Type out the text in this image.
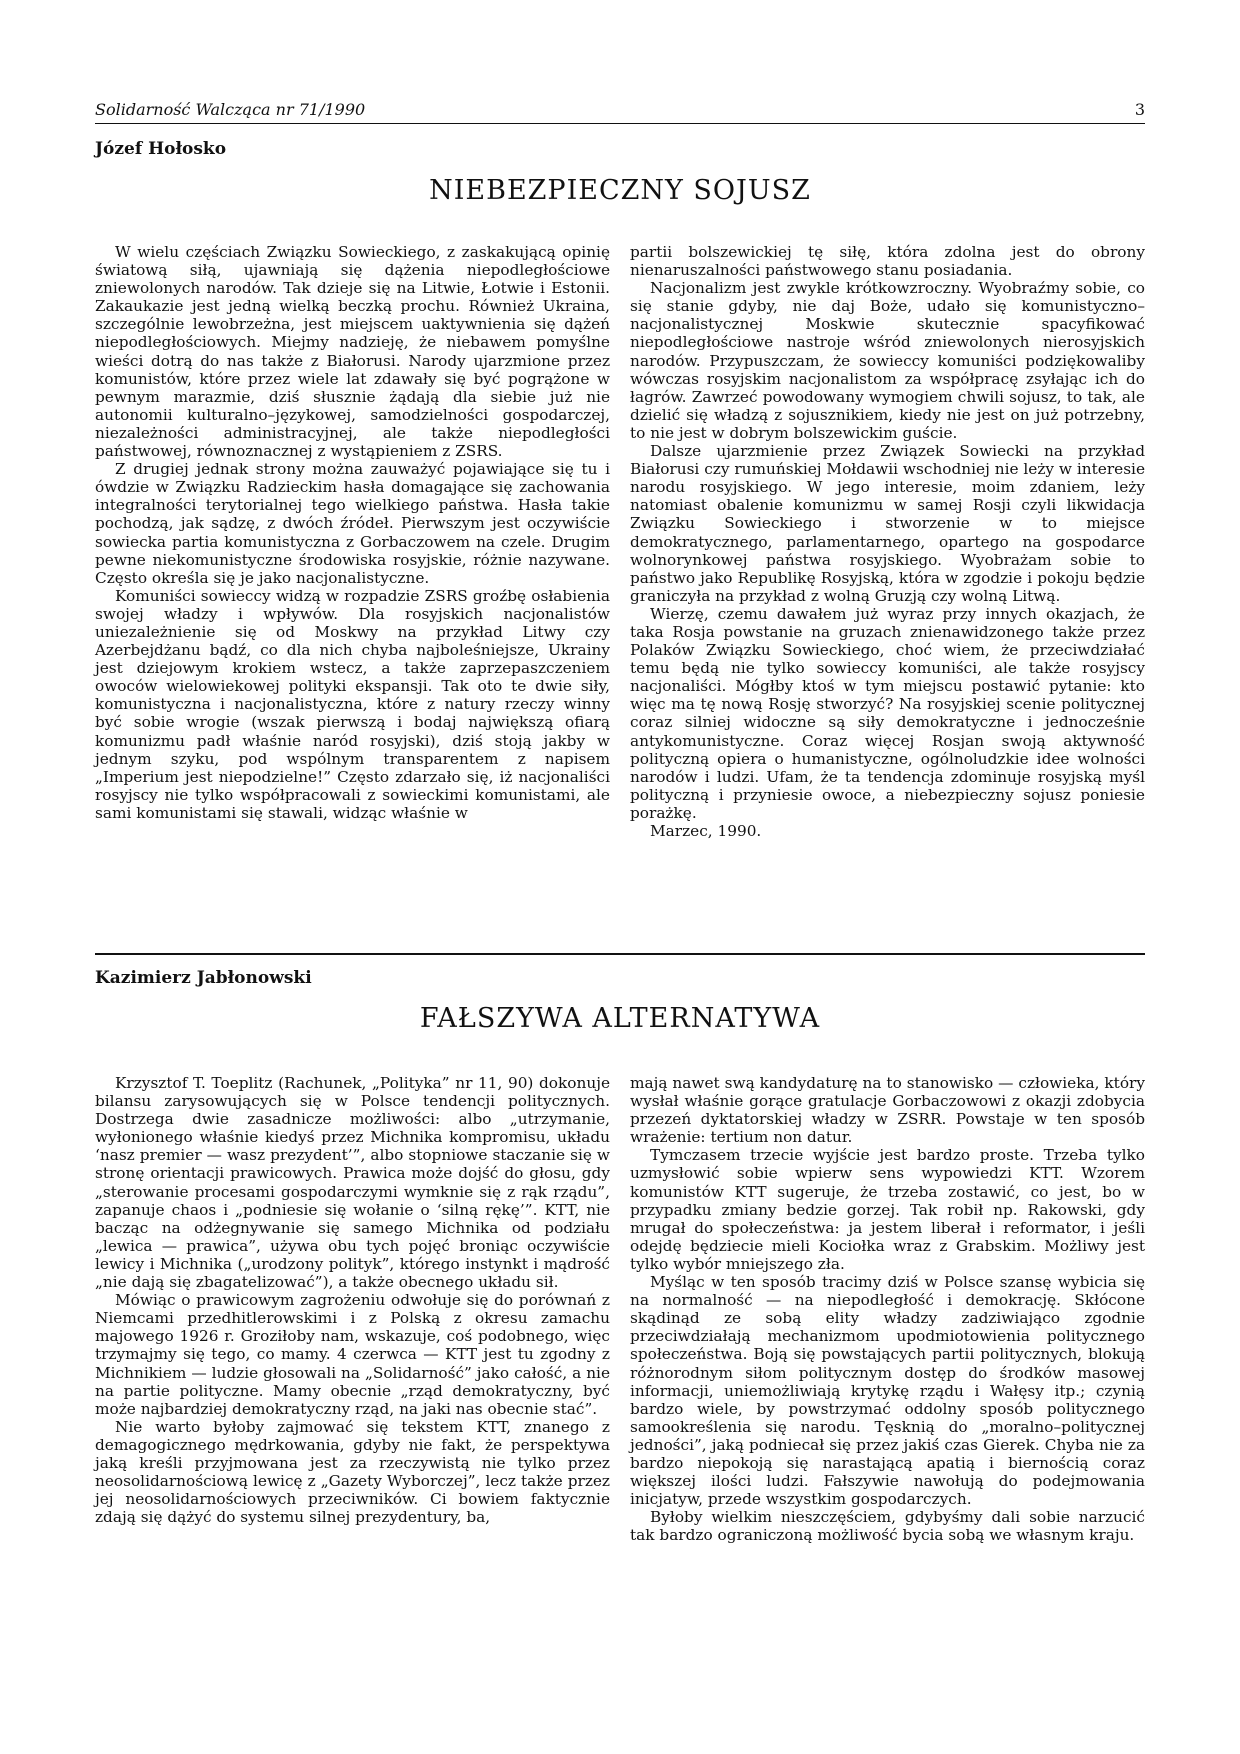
Solidarność Walcząca nr 71/1990	3
Józef Hołosko
NIEBEZPIECZNY SOJUSZ

W wielu częściach Związku Sowieckiego, z zaskakującą opinię światową siłą, ujawniają się dążenia niepodległościowe zniewolonych narodów. Tak dzieje się na Litwie, Łotwie i Estonii. Zakaukazie jest jedną wielką beczką prochu. Również Ukraina, szczególnie lewobrzeżna, jest miejscem uaktywnienia się dążeń niepodległościowych. Miejmy nadzieję, że niebawem pomyślne wieści dotrą do nas także z Białorusi. Narody ujarzmione przez komunistów, które przez wiele lat zdawały się być pogrążone w pewnym marazmie, dziś słusznie żądają dla siebie już nie autonomii kulturalno–językowej, samodzielności gospodarczej, niezależności administracyjnej, ale także niepodległości państwowej, równoznacznej z wystąpieniem z ZSRS.

Z drugiej jednak strony można zauważyć pojawiające się tu i ówdzie w Związku Radzieckim hasła domagające się zachowania integralności terytorialnej tego wielkiego państwa. Hasła takie pochodzą, jak sądzę, z dwóch źródeł. Pierwszym jest oczywiście sowiecka partia komunistyczna z Gorbaczowem na czele. Drugim pewne niekomunistyczne środowiska rosyjskie, różnie nazywane. Często określa się je jako nacjonalistyczne.

Komuniści sowieccy widzą w rozpadzie ZSRS groźbę osłabienia swojej władzy i wpływów. Dla rosyjskich nacjonalistów uniezależnienie się od Moskwy na przykład Litwy czy Azerbejdżanu bądź, co dla nich chyba najboleśniejsze, Ukrainy jest dziejowym krokiem wstecz, a także zaprzepaszczeniem owoców wielowiekowej polityki ekspansji. Tak oto te dwie siły, komunistyczna i nacjonalistyczna, które z natury rzeczy winny być sobie wrogie (wszak pierwszą i bodaj największą ofiarą komunizmu padł właśnie naród rosyjski), dziś stoją jakby w jednym szyku, pod wspólnym transparentem z napisem „Imperium jest niepodzielne!” Często zdarzało się, iż nacjonaliści rosyjscy nie tylko współpracowali z sowieckimi komunistami, ale sami komunistami się stawali, widząc właśnie w

partii bolszewickiej tę siłę, która zdolna jest do obrony nienaruszalności państwowego stanu posiadania.

Nacjonalizm jest zwykle krótkowzroczny. Wyobraźmy sobie, co się stanie gdyby, nie daj Boże, udało się komunistyczno–nacjonalistycznej Moskwie skutecznie spacyfikować niepodległościowe nastroje wśród zniewolonych nierosyjskich narodów. Przypuszczam, że sowieccy komuniści podziękowaliby wówczas rosyjskim nacjonalistom za współpracę zsyłając ich do łagrów. Zawrzeć powodowany wymogiem chwili sojusz, to tak, ale dzielić się władzą z sojusznikiem, kiedy nie jest on już potrzebny, to nie jest w dobrym bolszewickim guście.

Dalsze ujarzmienie przez Związek Sowiecki na przykład Białorusi czy rumuńskiej Mołdawii wschodniej nie leży w interesie narodu rosyjskiego. W jego interesie, moim zdaniem, leży natomiast obalenie komunizmu w samej Rosji czyli likwidacja Związku Sowieckiego i stworzenie w to miejsce demokratycznego, parlamentarnego, opartego na gospodarce wolnorynkowej państwa rosyjskiego. Wyobrażam sobie to państwo jako Republikę Rosyjską, która w zgodzie i pokoju będzie graniczyła na przykład z wolną Gruzją czy wolną Litwą.

Wierzę, czemu dawałem już wyraz przy innych okazjach, że taka Rosja powstanie na gruzach znienawidzonego także przez Polaków Związku Sowieckiego, choć wiem, że przeciwdziałać temu będą nie tylko sowieccy komuniści, ale także rosyjscy nacjonaliści. Mógłby ktoś w tym miejscu postawić pytanie: kto więc ma tę nową Rosję stworzyć? Na rosyjskiej scenie politycznej coraz silniej widoczne są siły demokratyczne i jednocześnie antykomunistyczne. Coraz więcej Rosjan swoją aktywność polityczną opiera o humanistyczne, ogólnoludzkie idee wolności narodów i ludzi. Ufam, że ta tendencja zdominuje rosyjską myśl polityczną i przyniesie owoce, a niebezpieczny sojusz poniesie porażkę.

Marzec, 1990.

Kazimierz Jabłonowski
FAŁSZYWA ALTERNATYWA

Krzysztof T. Toeplitz (Rachunek, „Polityka” nr 11, 90) dokonuje bilansu zarysowujących się w Polsce tendencji politycznych. Dostrzega dwie zasadnicze możliwości: albo „utrzymanie, wyłonionego właśnie kiedyś przez Michnika kompromisu, układu ‘nasz premier — wasz prezydent’”, albo stopniowe staczanie się w stronę orientacji prawicowych. Prawica może dojść do głosu, gdy „sterowanie procesami gospodarczymi wymknie się z rąk rządu”, zapanuje chaos i „podniesie się wołanie o ‘silną rękę’”. KTT, nie bacząc na odżegnywanie się samego Michnika od podziału „lewica — prawica”, używa obu tych pojęć broniąc oczywiście lewicy i Michnika („urodzony polityk”, którego instynkt i mądrość „nie dają się zbagatelizować”), a także obecnego układu sił.

Mówiąc o prawicowym zagrożeniu odwołuje się do porównań z Niemcami przedhitlerowskimi i z Polską z okresu zamachu majowego 1926 r. Groziłoby nam, wskazuje, coś podobnego, więc trzymajmy się tego, co mamy. 4 czerwca — KTT jest tu zgodny z Michnikiem — ludzie głosowali na „Solidarność” jako całość, a nie na partie polityczne. Mamy obecnie „rząd demokratyczny, być może najbardziej demokratyczny rząd, na jaki nas obecnie stać”.

Nie warto byłoby zajmować się tekstem KTT, znanego z demagogicznego mędrkowania, gdyby nie fakt, że perspektywa jaką kreśli przyjmowana jest za rzeczywistą nie tylko przez neosolidarnościową lewicę z „Gazety Wyborczej”, lecz także przez jej neosolidarnościowych przeciwników. Ci bowiem faktycznie zdają się dążyć do systemu silnej prezydentury, ba,

mają nawet swą kandydaturę na to stanowisko — człowieka, który wysłał właśnie gorące gratulacje Gorbaczowowi z okazji zdobycia przezeń dyktatorskiej władzy w ZSRR. Powstaje w ten sposób wrażenie: tertium non datur.

Tymczasem trzecie wyjście jest bardzo proste. Trzeba tylko uzmysłowić sobie wpierw sens wypowiedzi KTT. Wzorem komunistów KTT sugeruje, że trzeba zostawić, co jest, bo w przypadku zmiany bedzie gorzej. Tak robił np. Rakowski, gdy mrugał do społeczeństwa: ja jestem liberał i reformator, i jeśli odejdę będziecie mieli Kociołka wraz z Grabskim. Możliwy jest tylko wybór mniejszego zła.

Myśląc w ten sposób tracimy dziś w Polsce szansę wybicia się na normalność — na niepodległość i demokrację. Skłócone skądinąd ze sobą elity władzy zadziwiająco zgodnie przeciwdziałają mechanizmom upodmiotowienia politycznego społeczeństwa. Boją się powstających partii politycznych, blokują różnorodnym siłom politycznym dostęp do środków masowej informacji, uniemożliwiają krytykę rządu i Wałęsy itp.; czynią bardzo wiele, by powstrzymać oddolny sposób politycznego samookreślenia się narodu. Tęsknią do „moralno–politycznej jedności”, jaką podniecał się przez jakiś czas Gierek. Chyba nie za bardzo niepokoją się narastającą apatią i biernością coraz większej ilości ludzi. Fałszywie nawołują do podejmowania inicjatyw, przede wszystkim gospodarczych.

Byłoby wielkim nieszczęściem, gdybyśmy dali sobie narzucić tak bardzo ograniczoną możliwość bycia sobą we własnym kraju.
